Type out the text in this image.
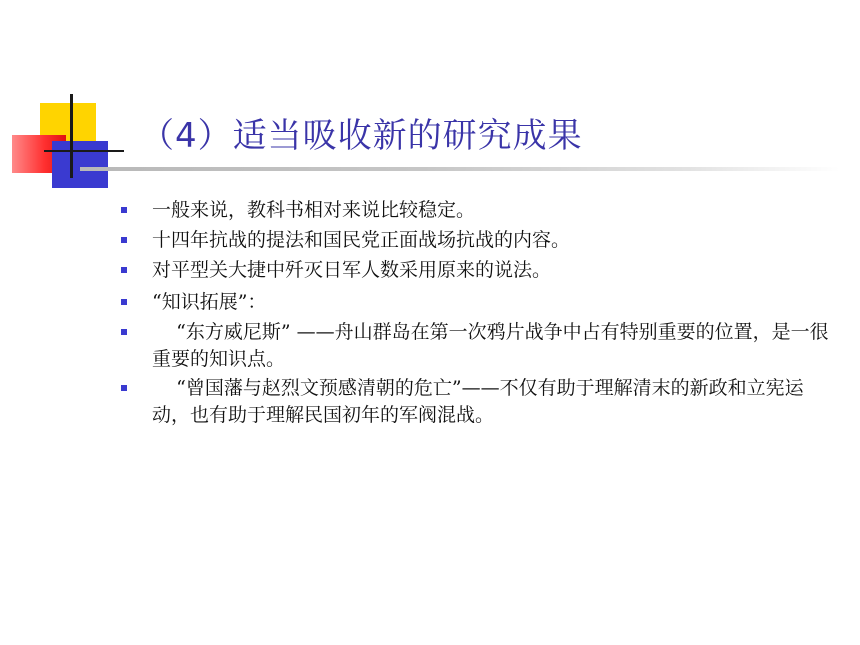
（4）适当吸收新的研究成果
一般来说，教科书相对来说比较稳定。
十四年抗战的提法和国民党正面战场抗战的内容。
对平型关大捷中歼灭日军人数采用原来的说法。
“知识拓展”：
“东方威尼斯” ——舟山群岛在第一次鸦片战争中占有特别重要的位置，是一很重要的知识点。
“曾国藩与赵烈文预感清朝的危亡”——不仅有助于理解清末的新政和立宪运动，也有助于理解民国初年的军阀混战。
